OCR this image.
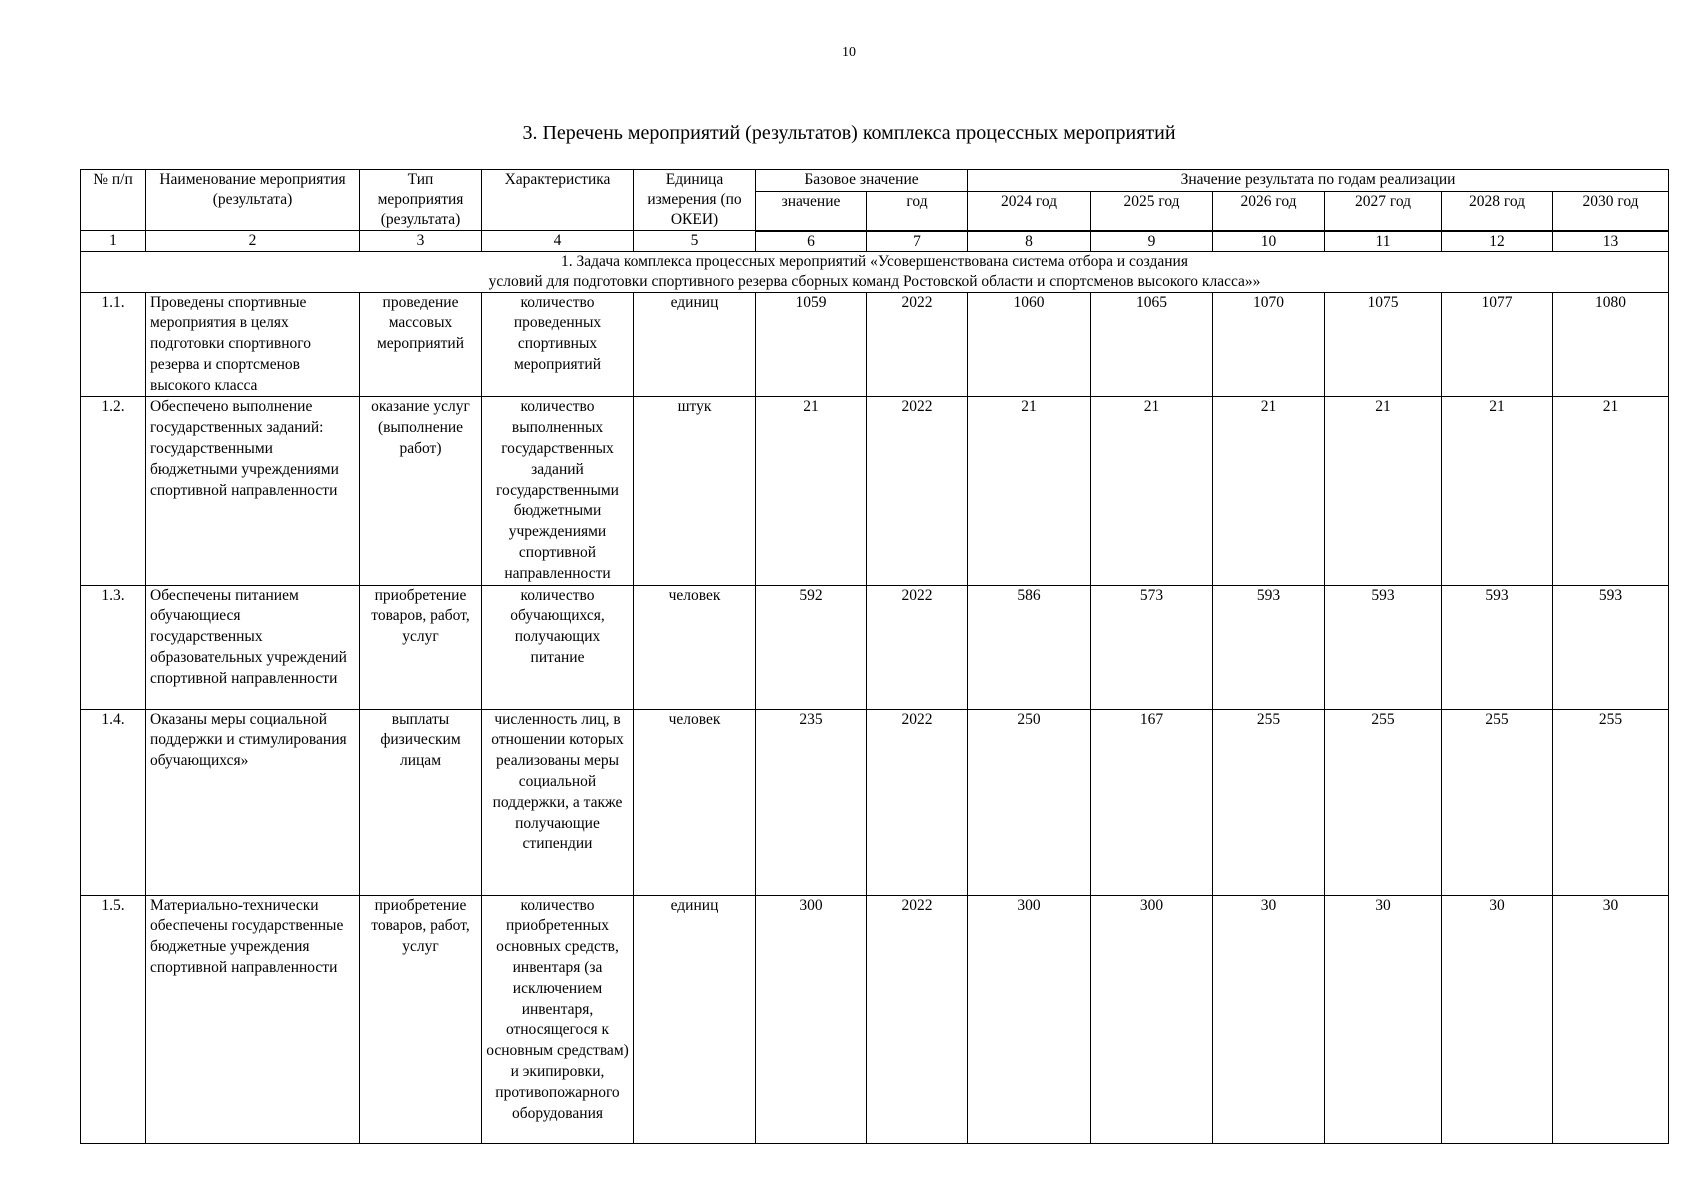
10
3. Перечень мероприятий (результатов) комплекса процессных мероприятий
№ п/п	Наименование мероприятия (результата)	Тип мероприятия (результата)	Характеристика	Единица измерения (по ОКЕИ)	Базовое значение		Значение результата по годам реализации					
					значение	год	2024 год	2025 год	2026 год	2027 год	2028 год	2030 год
1	2	3	4	5	6	7	8	9	10	11	12	13

1. Задача комплекса процессных мероприятий «Усовершенствована система отбора и создания
условий для подготовки спортивного резерва сборных команд Ростовской области и спортсменов высокого класса»»												

1.1.	Проведены спортивные мероприятия в целях подготовки спортивного резерва и спортсменов высокого класса	проведение массовых мероприятий	количество проведенных спортивных мероприятий	единиц	1059	2022	1060	1065	1070	1075	1077	1080
1.2.	Обеспечено выполнение государственных заданий: государственными бюджетными учреждениями спортивной направленности	оказание услуг (выполнение работ)	количество выполненных государственных заданий государственными бюджетными учреждениями спортивной направленности	штук	21	2022	21	21	21	21	21	21
1.3.	Обеспечены питанием обучающиеся государственных образовательных учреждений спортивной направленности	приобретение товаров, работ, услуг	количество обучающихся, получающих питание	человек	592	2022	586	573	593	593	593	593
1.4.	Оказаны меры социальной поддержки и стимулирования обучающихся»	выплаты физическим лицам	численность лиц, в отношении которых реализованы меры социальной поддержки, а также получающие стипендии	человек	235	2022	250	167	255	255	255	255
1.5.	Материально-технически обеспечены государственные бюджетные учреждения спортивной направленности	приобретение товаров, работ, услуг	количество приобретенных основных средств, инвентаря (за исключением инвентаря, относящегося к основным средствам) и экипировки, противопожарного оборудования	единиц	300	2022	300	300	30	30	30	30
